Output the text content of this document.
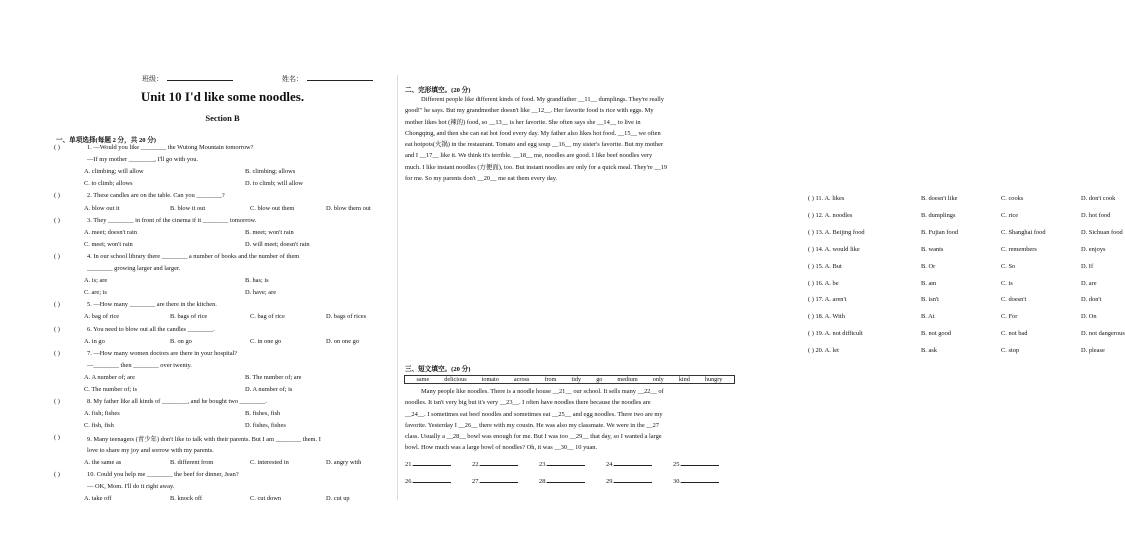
班级：	姓名：
Unit 10 I'd like some noodles.
Section B
一、单项选择(每题 2 分，共 20 分)
( )	1. —Would you like ________ the Wutong Mountain tomorrow?
—If my mother ________, I'll go with you.
A. climbing; will allow	B. climbing; allows
C. to climb; allows	D. to climb; will allow
( )	2. These candles are on the table. Can you ________?
A. blow out it	B. blow it out	C. blow out them	D. blow them out
( )	3. They ________ in front of the cinema if it ________ tomorrow.
A. meet; doesn't rain	B. meet; won't rain
C. meet; won't rain	D. will meet; doesn't rain
( )	4. In our school library there ________ a number of books and the number of them
________ growing larger and larger.
A. is; are	B. has; is
C. are; is	D. have; are
( )	5. —How many ________ are there in the kitchen.
A. bag of rice	B. bags of rice	C. bag of rice	D. bags of rices
( )	6. You need to blow out all the candles ________.
A. in go	B. on go	C. in one go	D. on one go
( )	7. —How many women doctors are there in your hospital?
—________ then ________ over twenty.
A. A number of; are	B. The number of; are
C. The number of; is	D. A number of; is
( )	8. My father like all kinds of ________, and he bought two ________.
A. fish; fishes	B. fishes, fish
C. fish, fish	D. fishes, fishes
( )	9. Many teenagers (青少年) don't like to talk with their parents. But I am ________ them. I
love to share my joy and sorrow with my parents.
A. the same as	B. different from	C. interested in	D. angry with
( )	10. Could you help me ________ the beef for dinner, Jean?
— OK, Mom. I'll do it right away.
A. take off	B. knock off	C. cut down	D. cut up
二、完形填空。(20 分)
Different people like different kinds of food. My grandfather __11__ dumplings. They're really
good!" he says. But my grandmother doesn't like __12__. Her favorite food is rice with eggs. My
mother likes hot (辣的) food, so __13__ is her favorite. She often says she __14__ to live in
Chongqing, and then she can eat hot food every day. My father also likes hot food. __15__ we often
eat hotpots(火锅) in the restaurant. Tomato and egg soup __16__ my sister's favorite. But my mother
and I __17__ like it. We think it's terrible. __18__ me, noodles are good. I like beef noodles very
much. I like instant noodles (方便面), too. But instant noodles are only for a quick meal. They're __19
for me. So my parents don't __20__ me eat them every day.
( ) 11. A. likes	B. doesn't like	C. cooks	D. don't cook
( ) 12. A. noodles	B. dumplings	C. rice	D. hot food
( ) 13. A. Beijing food	B. Fujian food	C. Shanghai food	D. Sichuan food
( ) 14. A. would like	B. wants	C. remembers	D. enjoys
( ) 15. A. But	B. Or	C. So	D. If
( ) 16. A. be	B. am	C. is	D. are
( ) 17. A. aren't	B. isn't	C. doesn't	D. don't
( ) 18. A. With	B. At	C. For	D. On
( ) 19. A. not difficult	B. not good	C. not bad	D. not dangerous
( ) 20. A. let	B. ask	C. stop	D. please
三、短文填空。(20 分)
same delicious tomato across from tidy go medium only kind hungry
Many people like noodles. There is a noodle house __21__ our school. It sells many __22__ of
noodles. It isn't very big but it's very __23__. I often have noodles there because the noodles are
__24__. I sometimes eat beef noodles and sometimes eat __25__ and egg noodles. There two are my
favorite. Yesterday I __26__ there with my cousin. He was also my classmate. We were in the __27
class. Usually a __28__ bowl was enough for me. But I was too __29__ that day, so I wanted a large
bowl. How much was a large bowl of noodles? Oh, it was __30__ 10 yuan.
21.	22.	23.	24.	25.
26.	27.	28.	29.	30.
